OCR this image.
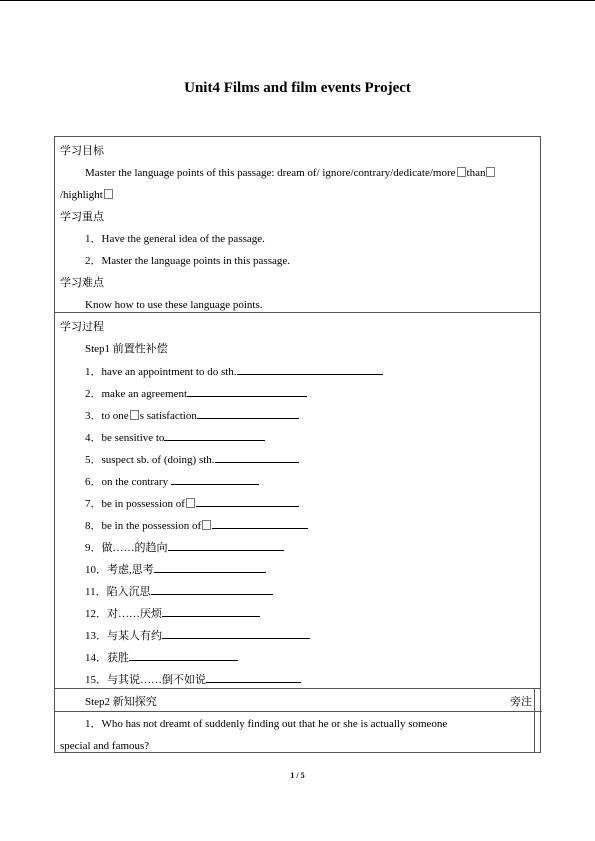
Unit4 Films and film events Project
学习目标
Master the language points of this passage: dream of/ ignore/contrary/dedicate/more than
/highlight
学习重点
1．Have the general idea of the passage.
2．Master the language points in this passage.
学习难点
Know how to use these language points.
学习过程
Step1 前置性补偿
1．have an appointment to do sth.
2．make an agreement
3．to one s satisfaction
4．be sensitive to
5．suspect sb. of (doing) sth.
6．on the contrary
7．be in possession of
8．be in the possession of
9．做……的趋向
10．考虑,思考
11．陷入沉思
12．对……厌烦
13．与某人有约
14．获胜
15．与其说……倒不如说
Step2 新知探究	旁注
1．Who has not dreamt of suddenly finding out that he or she is actually someone
special and famous?
1 / 5
